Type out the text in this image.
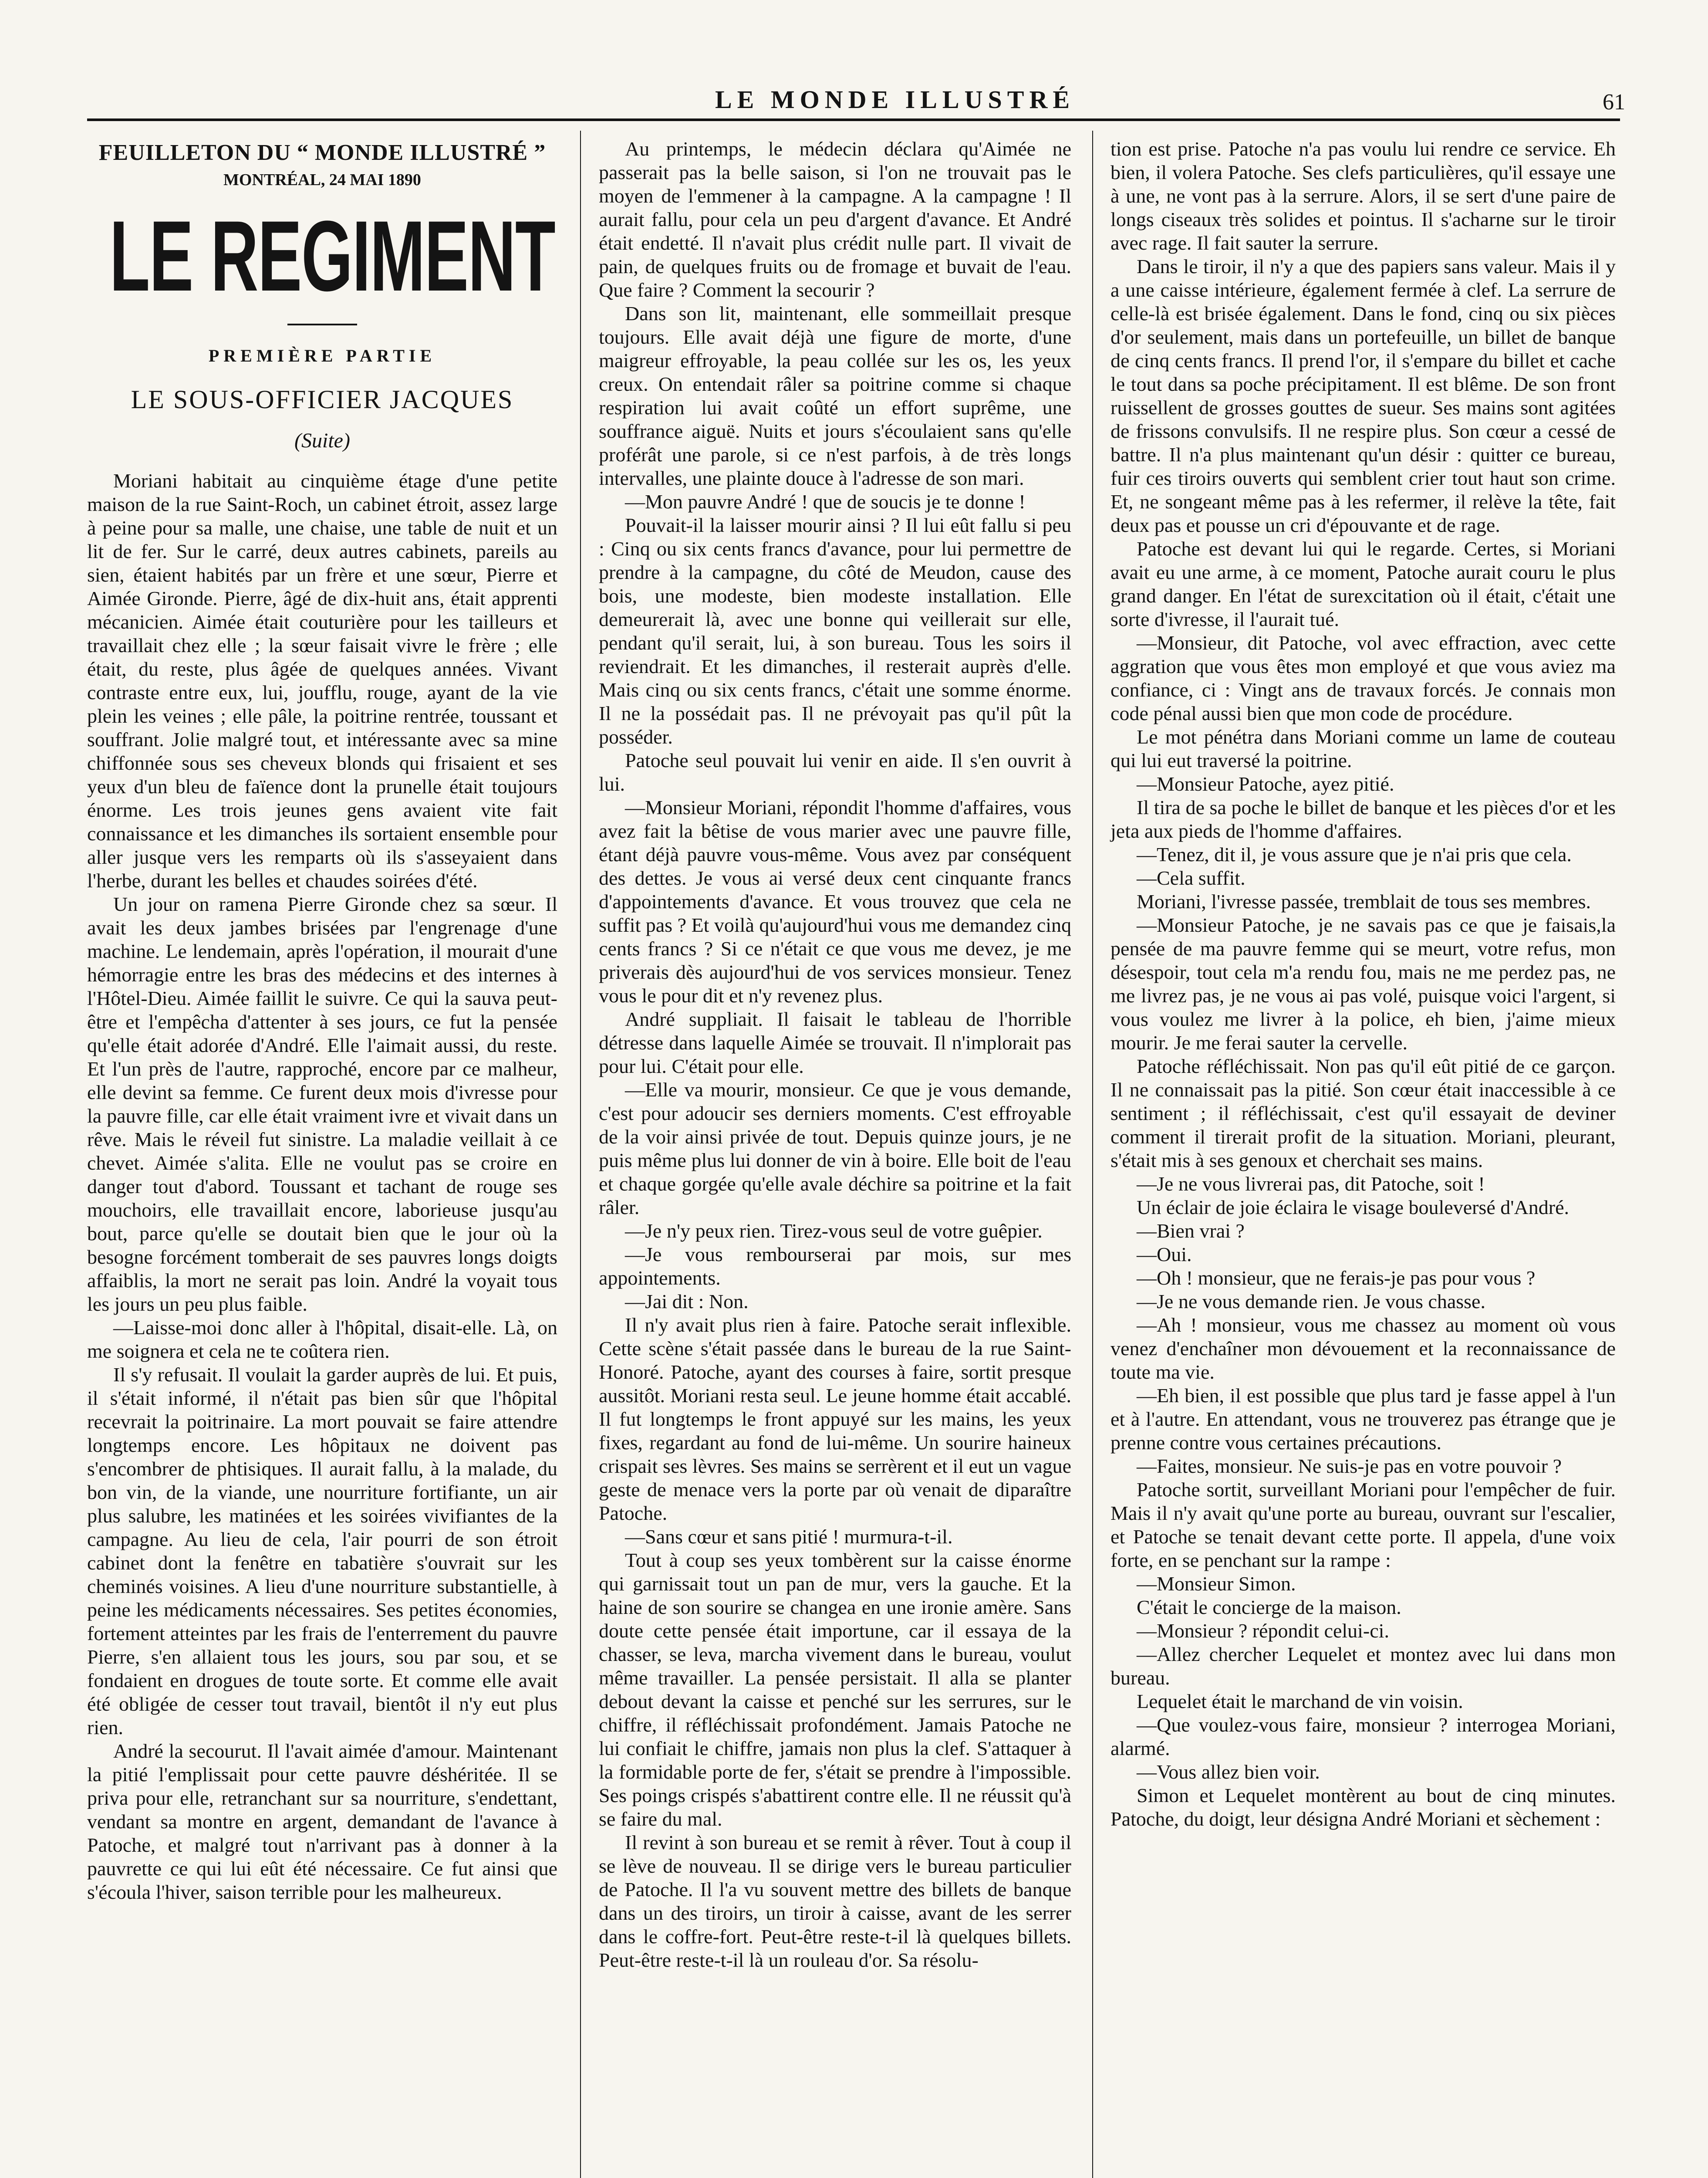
LE MONDE ILLUSTRÉ	61

FEUILLETON DU “ MONDE ILLUSTRÉ ”

MONTRÉAL, 24 MAI 1890

LE REGIMENT

PREMIÈRE PARTIE

LE SOUS-OFFICIER JACQUES

(Suite)

Moriani habitait au cinquième étage d'une petite maison de la rue Saint-Roch, un cabinet étroit, assez large à peine pour sa malle, une chaise, une table de nuit et un lit de fer. Sur le carré, deux autres cabinets, pareils au sien, étaient habités par un frère et une sœur, Pierre et Aimée Gironde. Pierre, âgé de dix-huit ans, était apprenti mécanicien. Aimée était couturière pour les tailleurs et travaillait chez elle ; la sœur faisait vivre le frère ; elle était, du reste, plus âgée de quelques années. Vivant contraste entre eux, lui, joufflu, rouge, ayant de la vie plein les veines ; elle pâle, la poitrine rentrée, toussant et souffrant. Jolie malgré tout, et intéressante avec sa mine chiffonnée sous ses cheveux blonds qui frisaient et ses yeux d'un bleu de faïence dont la prunelle était toujours énorme. Les trois jeunes gens avaient vite fait connaissance et les dimanches ils sortaient ensemble pour aller jusque vers les remparts où ils s'asseyaient dans l'herbe, durant les belles et chaudes soirées d'été.

Un jour on ramena Pierre Gironde chez sa sœur. Il avait les deux jambes brisées par l'engrenage d'une machine. Le lendemain, après l'opération, il mourait d'une hémorragie entre les bras des médecins et des internes à l'Hôtel-Dieu. Aimée faillit le suivre. Ce qui la sauva peut-être et l'empêcha d'attenter à ses jours, ce fut la pensée qu'elle était adorée d'André. Elle l'aimait aussi, du reste. Et l'un près de l'autre, rapproché, encore par ce malheur, elle devint sa femme. Ce furent deux mois d'ivresse pour la pauvre fille, car elle était vraiment ivre et vivait dans un rêve. Mais le réveil fut sinistre. La maladie veillait à ce chevet. Aimée s'alita. Elle ne voulut pas se croire en danger tout d'abord. Toussant et tachant de rouge ses mouchoirs, elle travaillait encore, laborieuse jusqu'au bout, parce qu'elle se doutait bien que le jour où la besogne forcément tomberait de ses pauvres longs doigts affaiblis, la mort ne serait pas loin. André la voyait tous les jours un peu plus faible.

—Laisse-moi donc aller à l'hôpital, disait-elle. Là, on me soignera et cela ne te coûtera rien.

Il s'y refusait. Il voulait la garder auprès de lui. Et puis, il s'était informé, il n'était pas bien sûr que l'hôpital recevrait la poitrinaire. La mort pouvait se faire attendre longtemps encore. Les hôpitaux ne doivent pas s'encombrer de phtisiques. Il aurait fallu, à la malade, du bon vin, de la viande, une nourriture fortifiante, un air plus salubre, les matinées et les soirées vivifiantes de la campagne. Au lieu de cela, l'air pourri de son étroit cabinet dont la fenêtre en tabatière s'ouvrait sur les cheminés voisines. A lieu d'une nourriture substantielle, à peine les médicaments nécessaires. Ses petites économies, fortement atteintes par les frais de l'enterrement du pauvre Pierre, s'en allaient tous les jours, sou par sou, et se fondaient en drogues de toute sorte. Et comme elle avait été obligée de cesser tout travail, bientôt il n'y eut plus rien.

André la secourut. Il l'avait aimée d'amour. Maintenant la pitié l'emplissait pour cette pauvre déshéritée. Il se priva pour elle, retranchant sur sa nourriture, s'endettant, vendant sa montre en argent, demandant de l'avance à Patoche, et malgré tout n'arrivant pas à donner à la pauvrette ce qui lui eût été nécessaire. Ce fut ainsi que s'écoula l'hiver, saison terrible pour les malheureux.

Au printemps, le médecin déclara qu'Aimée ne passerait pas la belle saison, si l'on ne trouvait pas le moyen de l'emmener à la campagne. A la campagne ! Il aurait fallu, pour cela un peu d'argent d'avance. Et André était endetté. Il n'avait plus crédit nulle part. Il vivait de pain, de quelques fruits ou de fromage et buvait de l'eau. Que faire ? Comment la secourir ?

Dans son lit, maintenant, elle sommeillait presque toujours. Elle avait déjà une figure de morte, d'une maigreur effroyable, la peau collée sur les os, les yeux creux. On entendait râler sa poitrine comme si chaque respiration lui avait coûté un effort suprême, une souffrance aiguë. Nuits et jours s'écoulaient sans qu'elle proférât une parole, si ce n'est parfois, à de très longs intervalles, une plainte douce à l'adresse de son mari.

—Mon pauvre André ! que de soucis je te donne !

Pouvait-il la laisser mourir ainsi ? Il lui eût fallu si peu : Cinq ou six cents francs d'avance, pour lui permettre de prendre à la campagne, du côté de Meudon, cause des bois, une modeste, bien modeste installation. Elle demeurerait là, avec une bonne qui veillerait sur elle, pendant qu'il serait, lui, à son bureau. Tous les soirs il reviendrait. Et les dimanches, il resterait auprès d'elle. Mais cinq ou six cents francs, c'était une somme énorme. Il ne la possédait pas. Il ne prévoyait pas qu'il pût la posséder.

Patoche seul pouvait lui venir en aide. Il s'en ouvrit à lui.

—Monsieur Moriani, répondit l'homme d'affaires, vous avez fait la bêtise de vous marier avec une pauvre fille, étant déjà pauvre vous-même. Vous avez par conséquent des dettes. Je vous ai versé deux cent cinquante francs d'appointements d'avance. Et vous trouvez que cela ne suffit pas ? Et voilà qu'aujourd'hui vous me demandez cinq cents francs ? Si ce n'était ce que vous me devez, je me priverais dès aujourd'hui de vos services monsieur. Tenez vous le pour dit et n'y revenez plus.

André suppliait. Il faisait le tableau de l'horrible détresse dans laquelle Aimée se trouvait. Il n'implorait pas pour lui. C'était pour elle.

—Elle va mourir, monsieur. Ce que je vous demande, c'est pour adoucir ses derniers moments. C'est effroyable de la voir ainsi privée de tout. Depuis quinze jours, je ne puis même plus lui donner de vin à boire. Elle boit de l'eau et chaque gorgée qu'elle avale déchire sa poitrine et la fait râler.

—Je n'y peux rien. Tirez-vous seul de votre guêpier.

—Je vous rembourserai par mois, sur mes appointements.

—Jai dit : Non.

Il n'y avait plus rien à faire. Patoche serait inflexible. Cette scène s'était passée dans le bureau de la rue Saint-Honoré. Patoche, ayant des courses à faire, sortit presque aussitôt. Moriani resta seul. Le jeune homme était accablé. Il fut longtemps le front appuyé sur les mains, les yeux fixes, regardant au fond de lui-même. Un sourire haineux crispait ses lèvres. Ses mains se serrèrent et il eut un vague geste de menace vers la porte par où venait de diparaître Patoche.

—Sans cœur et sans pitié ! murmura-t-il.

Tout à coup ses yeux tombèrent sur la caisse énorme qui garnissait tout un pan de mur, vers la gauche. Et la haine de son sourire se changea en une ironie amère. Sans doute cette pensée était importune, car il essaya de la chasser, se leva, marcha vivement dans le bureau, voulut même travailler. La pensée persistait. Il alla se planter debout devant la caisse et penché sur les serrures, sur le chiffre, il réfléchissait profondément. Jamais Patoche ne lui confiait le chiffre, jamais non plus la clef. S'attaquer à la formidable porte de fer, s'était se prendre à l'impossible. Ses poings crispés s'abattirent contre elle. Il ne réussit qu'à se faire du mal.

Il revint à son bureau et se remit à rêver. Tout à coup il se lève de nouveau. Il se dirige vers le bureau particulier de Patoche. Il l'a vu souvent mettre des billets de banque dans un des tiroirs, un tiroir à caisse, avant de les serrer dans le coffre-fort. Peut-être reste-t-il là quelques billets. Peut-être reste-t-il là un rouleau d'or. Sa résolu-

tion est prise. Patoche n'a pas voulu lui rendre ce service. Eh bien, il volera Patoche. Ses clefs particulières, qu'il essaye une à une, ne vont pas à la serrure. Alors, il se sert d'une paire de longs ciseaux très solides et pointus. Il s'acharne sur le tiroir avec rage. Il fait sauter la serrure.

Dans le tiroir, il n'y a que des papiers sans valeur. Mais il y a une caisse intérieure, également fermée à clef. La serrure de celle-là est brisée également. Dans le fond, cinq ou six pièces d'or seulement, mais dans un portefeuille, un billet de banque de cinq cents francs. Il prend l'or, il s'empare du billet et cache le tout dans sa poche précipitament. Il est blême. De son front ruissellent de grosses gouttes de sueur. Ses mains sont agitées de frissons convulsifs. Il ne respire plus. Son cœur a cessé de battre. Il n'a plus maintenant qu'un désir : quitter ce bureau, fuir ces tiroirs ouverts qui semblent crier tout haut son crime. Et, ne songeant même pas à les refermer, il relève la tête, fait deux pas et pousse un cri d'épouvante et de rage.

Patoche est devant lui qui le regarde. Certes, si Moriani avait eu une arme, à ce moment, Patoche aurait couru le plus grand danger. En l'état de surexcitation où il était, c'était une sorte d'ivresse, il l'aurait tué.

—Monsieur, dit Patoche, vol avec effraction, avec cette aggration que vous êtes mon employé et que vous aviez ma confiance, ci : Vingt ans de travaux forcés. Je connais mon code pénal aussi bien que mon code de procédure.

Le mot pénétra dans Moriani comme un lame de couteau qui lui eut traversé la poitrine.

—Monsieur Patoche, ayez pitié.

Il tira de sa poche le billet de banque et les pièces d'or et les jeta aux pieds de l'homme d'affaires.

—Tenez, dit il, je vous assure que je n'ai pris que cela.

—Cela suffit.

Moriani, l'ivresse passée, tremblait de tous ses membres.

—Monsieur Patoche, je ne savais pas ce que je faisais,la pensée de ma pauvre femme qui se meurt, votre refus, mon désespoir, tout cela m'a rendu fou, mais ne me perdez pas, ne me livrez pas, je ne vous ai pas volé, puisque voici l'argent, si vous voulez me livrer à la police, eh bien, j'aime mieux mourir. Je me ferai sauter la cervelle.

Patoche réfléchissait. Non pas qu'il eût pitié de ce garçon. Il ne connaissait pas la pitié. Son cœur était inaccessible à ce sentiment ; il réfléchissait, c'est qu'il essayait de deviner comment il tirerait profit de la situation. Moriani, pleurant, s'était mis à ses genoux et cherchait ses mains.

—Je ne vous livrerai pas, dit Patoche, soit !

Un éclair de joie éclaira le visage bouleversé d'André.

—Bien vrai ?

—Oui.

—Oh ! monsieur, que ne ferais-je pas pour vous ?

—Je ne vous demande rien. Je vous chasse.

—Ah ! monsieur, vous me chassez au moment où vous venez d'enchaîner mon dévouement et la reconnaissance de toute ma vie.

—Eh bien, il est possible que plus tard je fasse appel à l'un et à l'autre. En attendant, vous ne trouverez pas étrange que je prenne contre vous certaines précautions.

—Faites, monsieur. Ne suis-je pas en votre pouvoir ?

Patoche sortit, surveillant Moriani pour l'empêcher de fuir. Mais il n'y avait qu'une porte au bureau, ouvrant sur l'escalier, et Patoche se tenait devant cette porte. Il appela, d'une voix forte, en se penchant sur la rampe :

—Monsieur Simon.

C'était le concierge de la maison.

—Monsieur ? répondit celui-ci.

—Allez chercher Lequelet et montez avec lui dans mon bureau.

Lequelet était le marchand de vin voisin.

—Que voulez-vous faire, monsieur ? interrogea Moriani, alarmé.

—Vous allez bien voir.

Simon et Lequelet montèrent au bout de cinq minutes. Patoche, du doigt, leur désigna André Moriani et sèchement :
